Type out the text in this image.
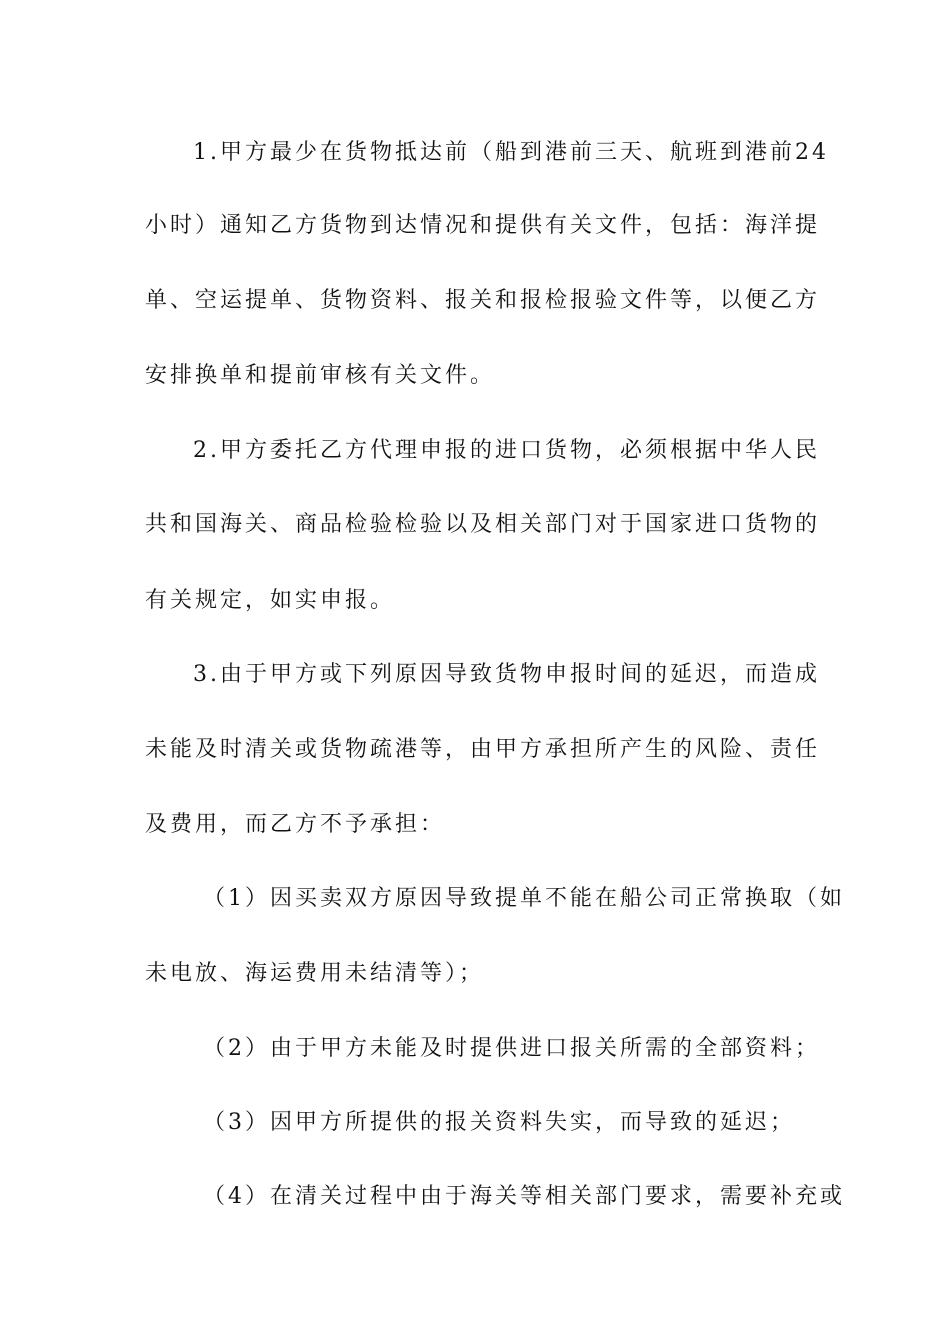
1.甲方最少在货物抵达前（船到港前三天、航班到港前24
小时）通知乙方货物到达情况和提供有关文件，包括：海洋提
单、空运提单、货物资料、报关和报检报验文件等，以便乙方
安排换单和提前审核有关文件。
2.甲方委托乙方代理申报的进口货物，必须根据中华人民
共和国海关、商品检验检验以及相关部门对于国家进口货物的
有关规定，如实申报。
3.由于甲方或下列原因导致货物申报时间的延迟，而造成
未能及时清关或货物疏港等，由甲方承担所产生的风险、责任
及费用，而乙方不予承担：
（1）因买卖双方原因导致提单不能在船公司正常换取（如
未电放、海运费用未结清等）；
（2）由于甲方未能及时提供进口报关所需的全部资料；
（3）因甲方所提供的报关资料失实，而导致的延迟；
（4）在清关过程中由于海关等相关部门要求，需要补充或
